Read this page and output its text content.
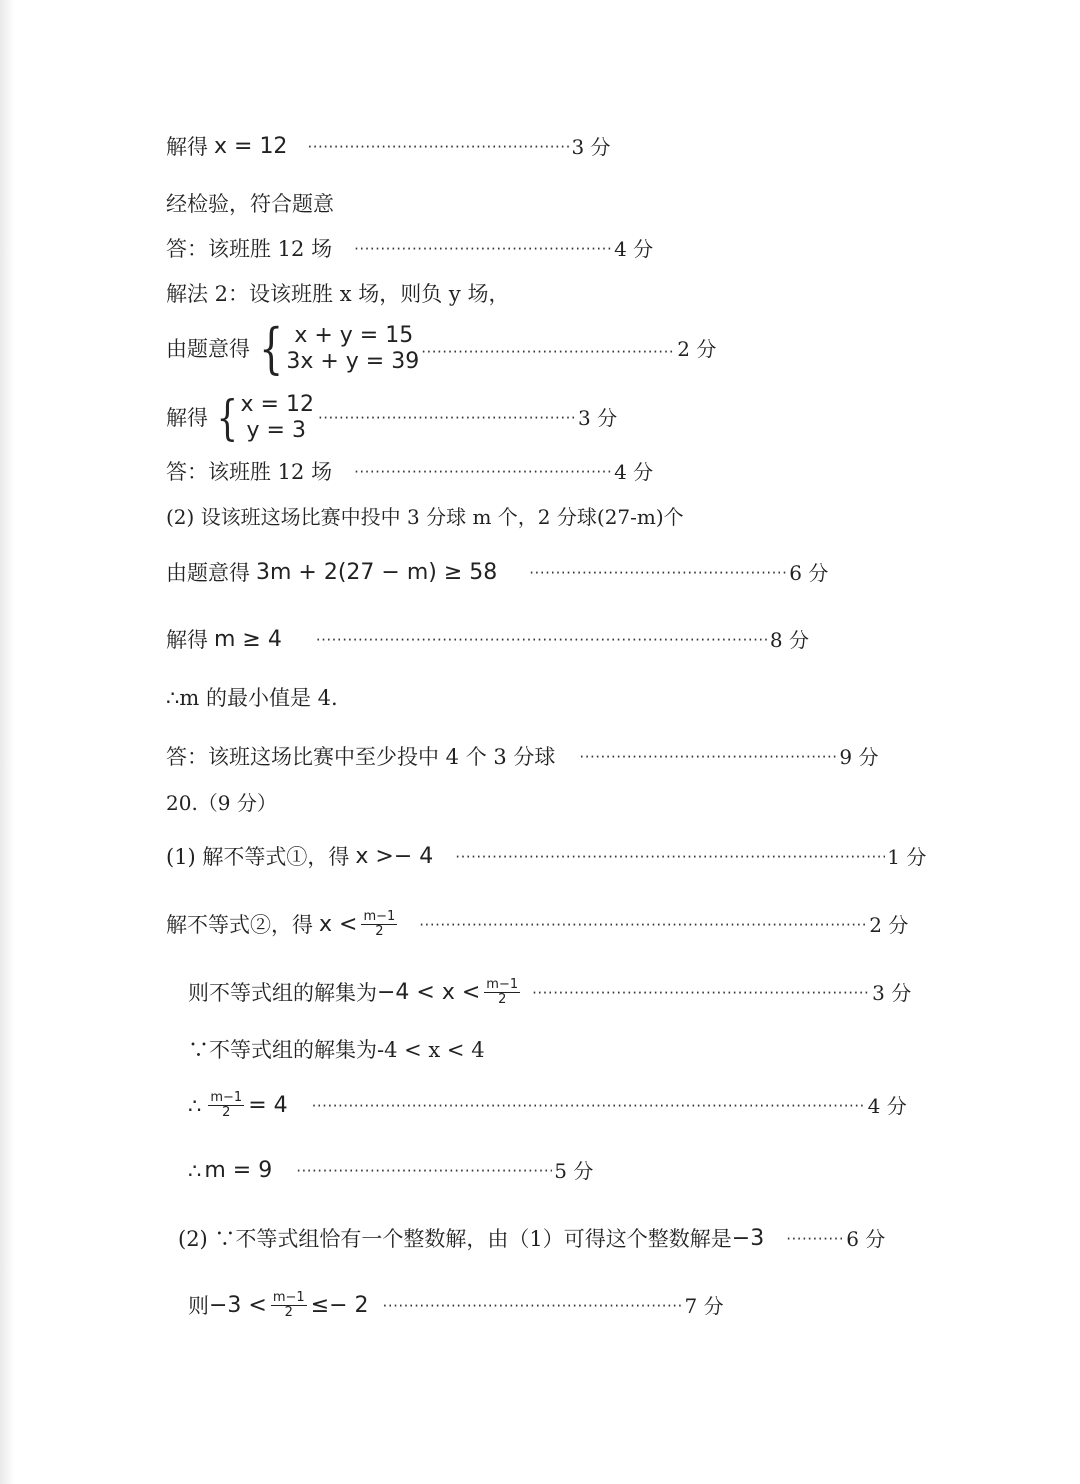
解得 x = 12 ·····	3 分
经检验，符合题意
答：该班胜 12 场 ·····	4 分
解法 2：设该班胜 x 场，则负 y 场，
由题意得 { x + y = 15
3x + y = 39 ·····	2 分
解得 { x = 12
y = 3 ·····	3 分
答：该班胜 12 场 ·····	4 分
(2) 设该班这场比赛中投中 3 分球 m 个，2 分球(27-m)个
由题意得 3m + 2(27 − m) ≥ 58 ·····	6 分
解得 m ≥ 4 ·····	8 分
∴m 的最小值是 4.
答：该班这场比赛中至少投中 4 个 3 分球 ·····	9 分
20.（9 分）
(1) 解不等式①，得 x >− 4 ·····	1 分
解不等式②，得 $x < \frac{m-1}{2}$ ·····	2 分
则不等式组的解集为 $-4 < x < \frac{m-1}{2}$ ·····	3 分
∵不等式组的解集为-4 < x < 4
∴ $\frac{m-1}{2} = 4$ ·····	4 分
∴ m = 9 ·····	5 分
(2) ∵不等式组恰有一个整数解，由（1）可得这个整数解是 −3 ·····	6 分
则 $-3 < \frac{m-1}{2} \le- 2$ ·····	7 分
